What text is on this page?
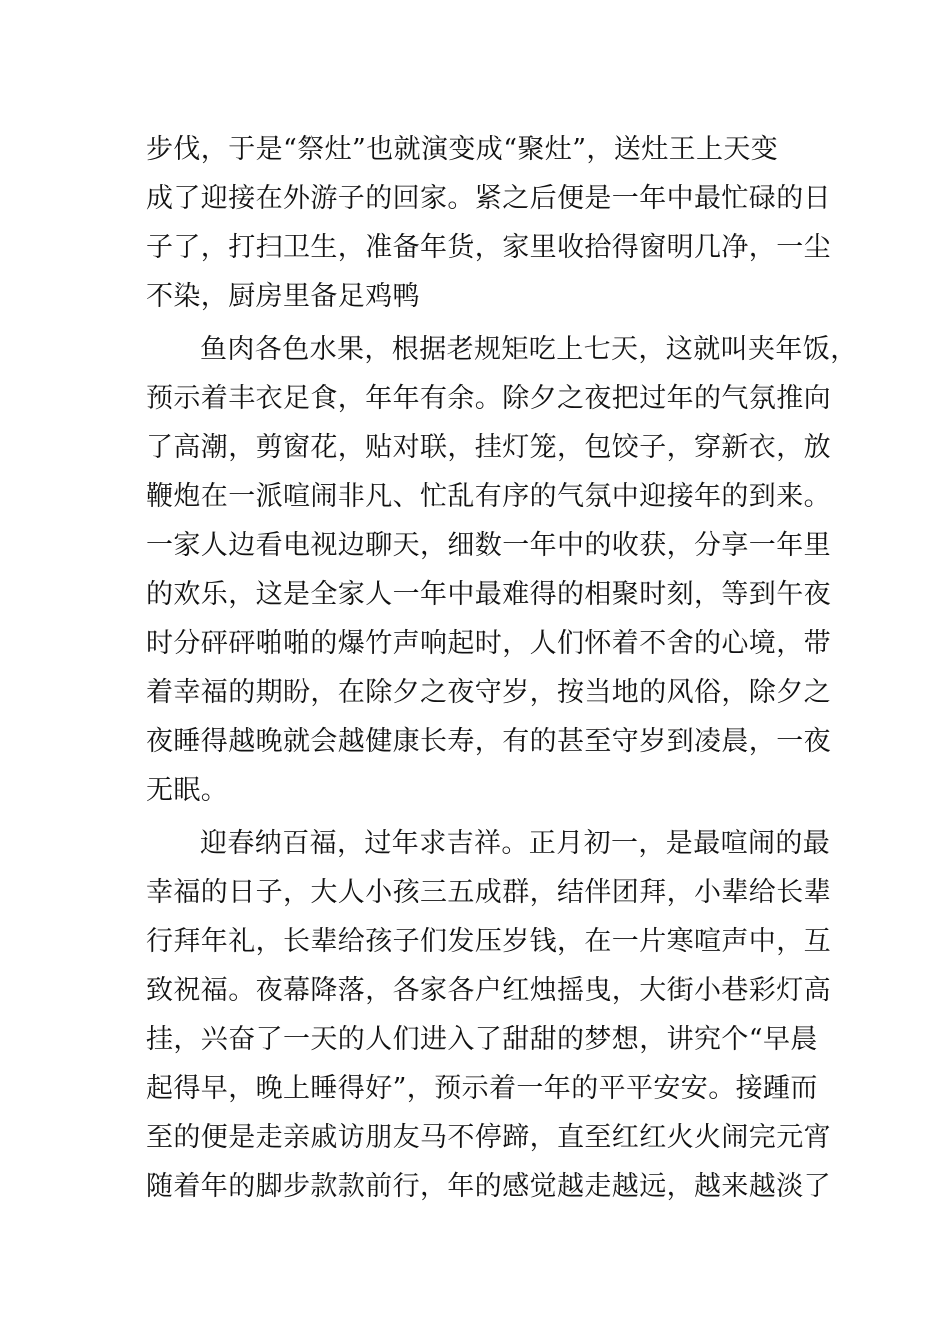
步伐，于是“祭灶”也就演变成“聚灶”，送灶王上天变
成了迎接在外游子的回家。紧之后便是一年中最忙碌的日
子了，打扫卫生，准备年货，家里收拾得窗明几净，一尘
不染，厨房里备足鸡鸭
鱼肉各色水果，根据老规矩吃上七天，这就叫夹年饭，
预示着丰衣足食，年年有余。除夕之夜把过年的气氛推向
了高潮，剪窗花，贴对联，挂灯笼，包饺子，穿新衣，放
鞭炮在一派喧闹非凡、忙乱有序的气氛中迎接年的到来。
一家人边看电视边聊天，细数一年中的收获，分享一年里
的欢乐，这是全家人一年中最难得的相聚时刻，等到午夜
时分砰砰啪啪的爆竹声响起时，人们怀着不舍的心境，带
着幸福的期盼，在除夕之夜守岁，按当地的风俗，除夕之
夜睡得越晚就会越健康长寿，有的甚至守岁到凌晨，一夜
无眠。
迎春纳百福，过年求吉祥。正月初一，是最喧闹的最
幸福的日子，大人小孩三五成群，结伴团拜，小辈给长辈
行拜年礼，长辈给孩子们发压岁钱，在一片寒喧声中，互
致祝福。夜幕降落，各家各户红烛摇曳，大街小巷彩灯高
挂，兴奋了一天的人们进入了甜甜的梦想，讲究个“早晨
起得早，晚上睡得好”，预示着一年的平平安安。接踵而
至的便是走亲戚访朋友马不停蹄，直至红红火火闹完元宵
随着年的脚步款款前行，年的感觉越走越远，越来越淡了
